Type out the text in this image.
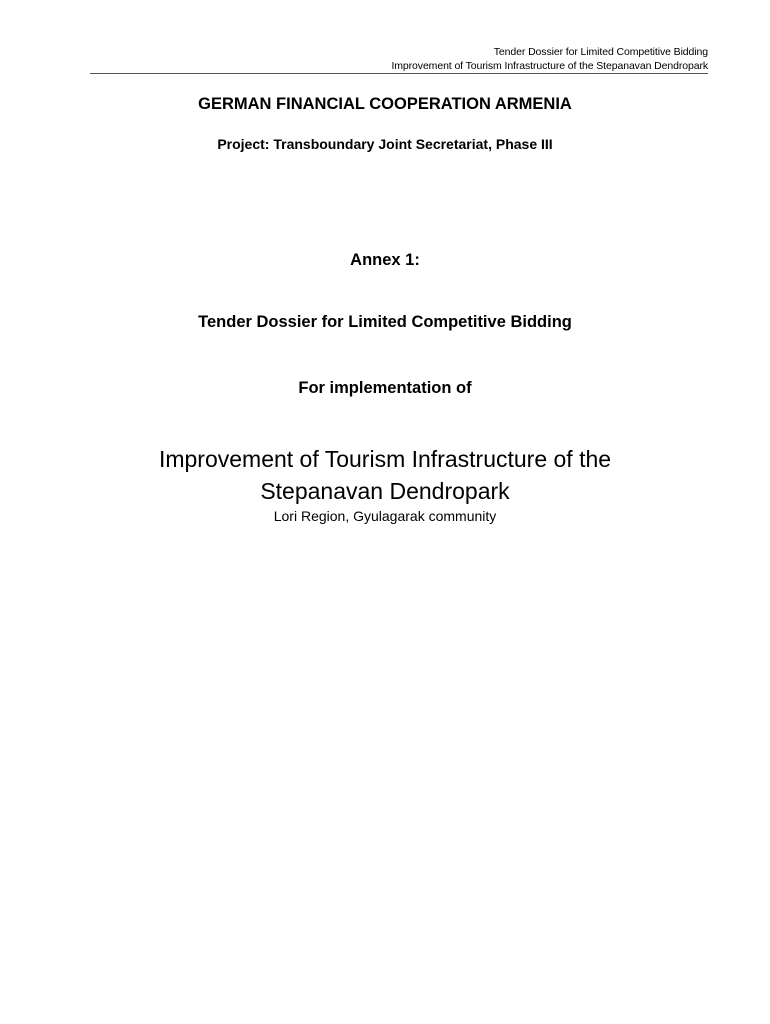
Tender Dossier for Limited Competitive Bidding
Improvement of Tourism Infrastructure of the Stepanavan Dendropark
GERMAN FINANCIAL COOPERATION ARMENIA

Project: Transboundary Joint Secretariat, Phase III

Annex 1:

Tender Dossier for Limited Competitive Bidding

For implementation of

Improvement of Tourism Infrastructure of the
Stepanavan Dendropark

Lori Region, Gyulagarak community
